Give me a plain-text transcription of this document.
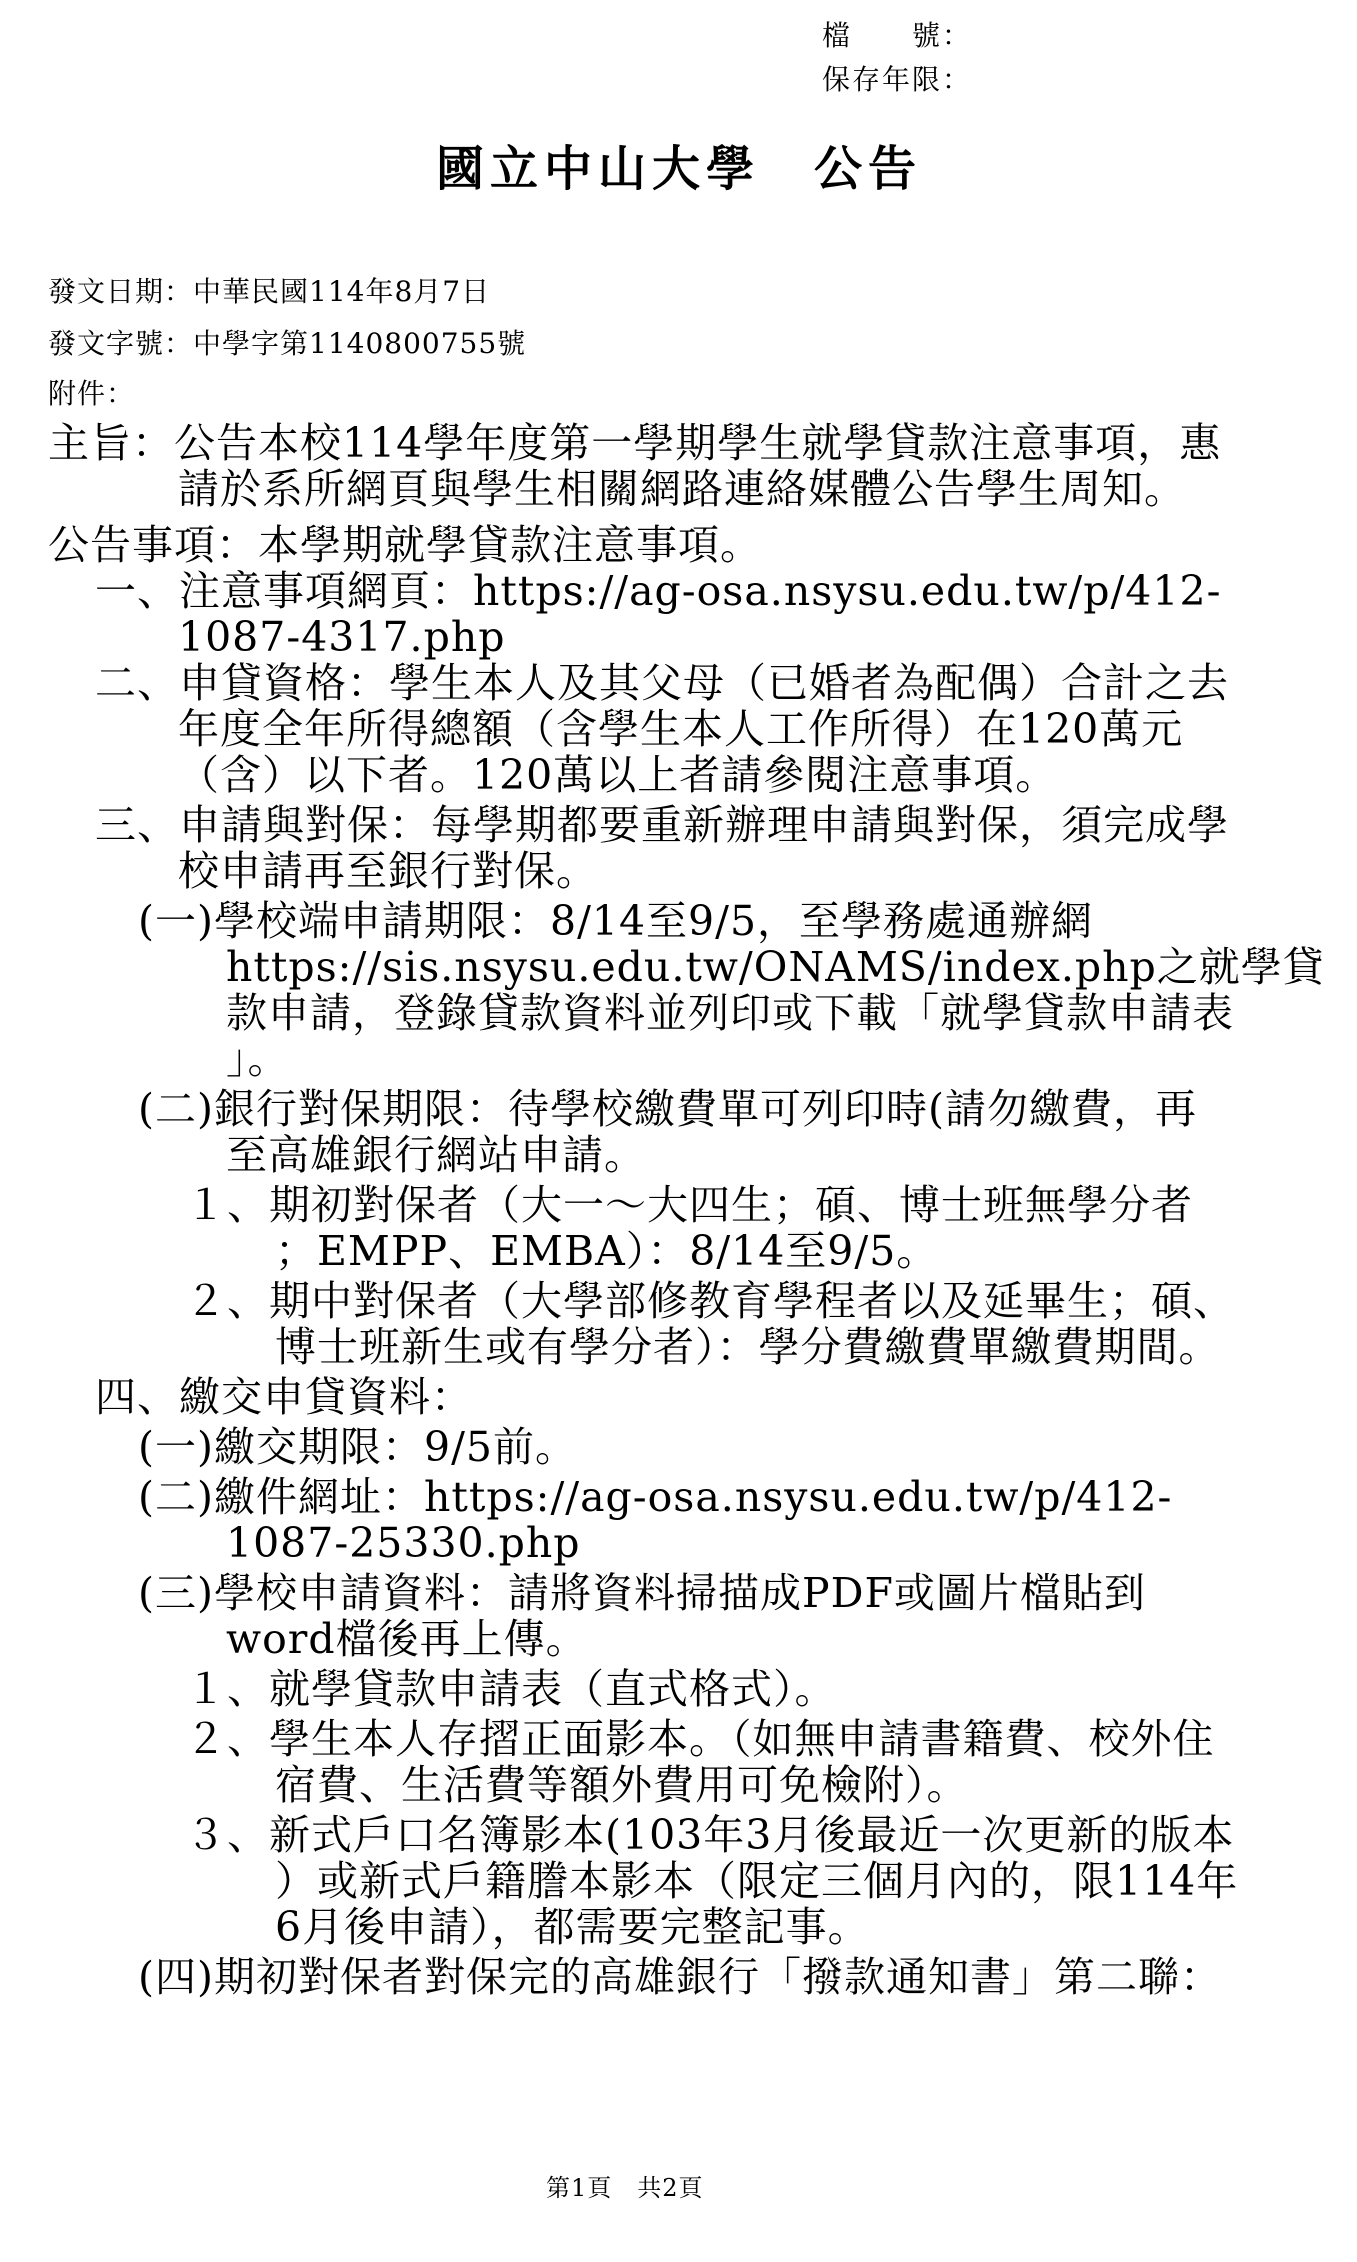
檔　　號：
保存年限：
國立中山大學　公告
發文日期：中華民國114年8月7日
發文字號：中學字第1140800755號
附件：
主旨：公告本校114學年度第一學期學生就學貸款注意事項，惠
請於系所網頁與學生相關網路連絡媒體公告學生周知。
公告事項：本學期就學貸款注意事項。
一、注意事項網頁：https://ag-osa.nsysu.edu.tw/p/412-
1087-4317.php
二、申貸資格：學生本人及其父母（已婚者為配偶）合計之去
年度全年所得總額（含學生本人工作所得）在120萬元
（含）以下者。120萬以上者請參閱注意事項。
三、申請與對保：每學期都要重新辦理申請與對保，須完成學
校申請再至銀行對保。
(一)學校端申請期限：8/14至9/5，至學務處通辦網
https://sis.nsysu.edu.tw/ONAMS/index.php之就學貸
款申請，登錄貸款資料並列印或下載「就學貸款申請表
」。
(二)銀行對保期限：待學校繳費單可列印時(請勿繳費，再
至高雄銀行網站申請。
１、期初對保者（大一～大四生；碩、博士班無學分者
；EMPP、EMBA）：8/14至9/5。
２、期中對保者（大學部修教育學程者以及延畢生；碩、
博士班新生或有學分者）：學分費繳費單繳費期間。
四、繳交申貸資料：
(一)繳交期限：9/5前。
(二)繳件網址：https://ag-osa.nsysu.edu.tw/p/412-
1087-25330.php
(三)學校申請資料：請將資料掃描成PDF或圖片檔貼到
word檔後再上傳。
１、就學貸款申請表（直式格式）。
２、學生本人存摺正面影本。（如無申請書籍費、校外住
宿費、生活費等額外費用可免檢附）。
３、新式戶口名簿影本(103年3月後最近一次更新的版本
）或新式戶籍謄本影本（限定三個月內的，限114年
6月後申請），都需要完整記事。
(四)期初對保者對保完的高雄銀行「撥款通知書」第二聯：
第1頁　共2頁
